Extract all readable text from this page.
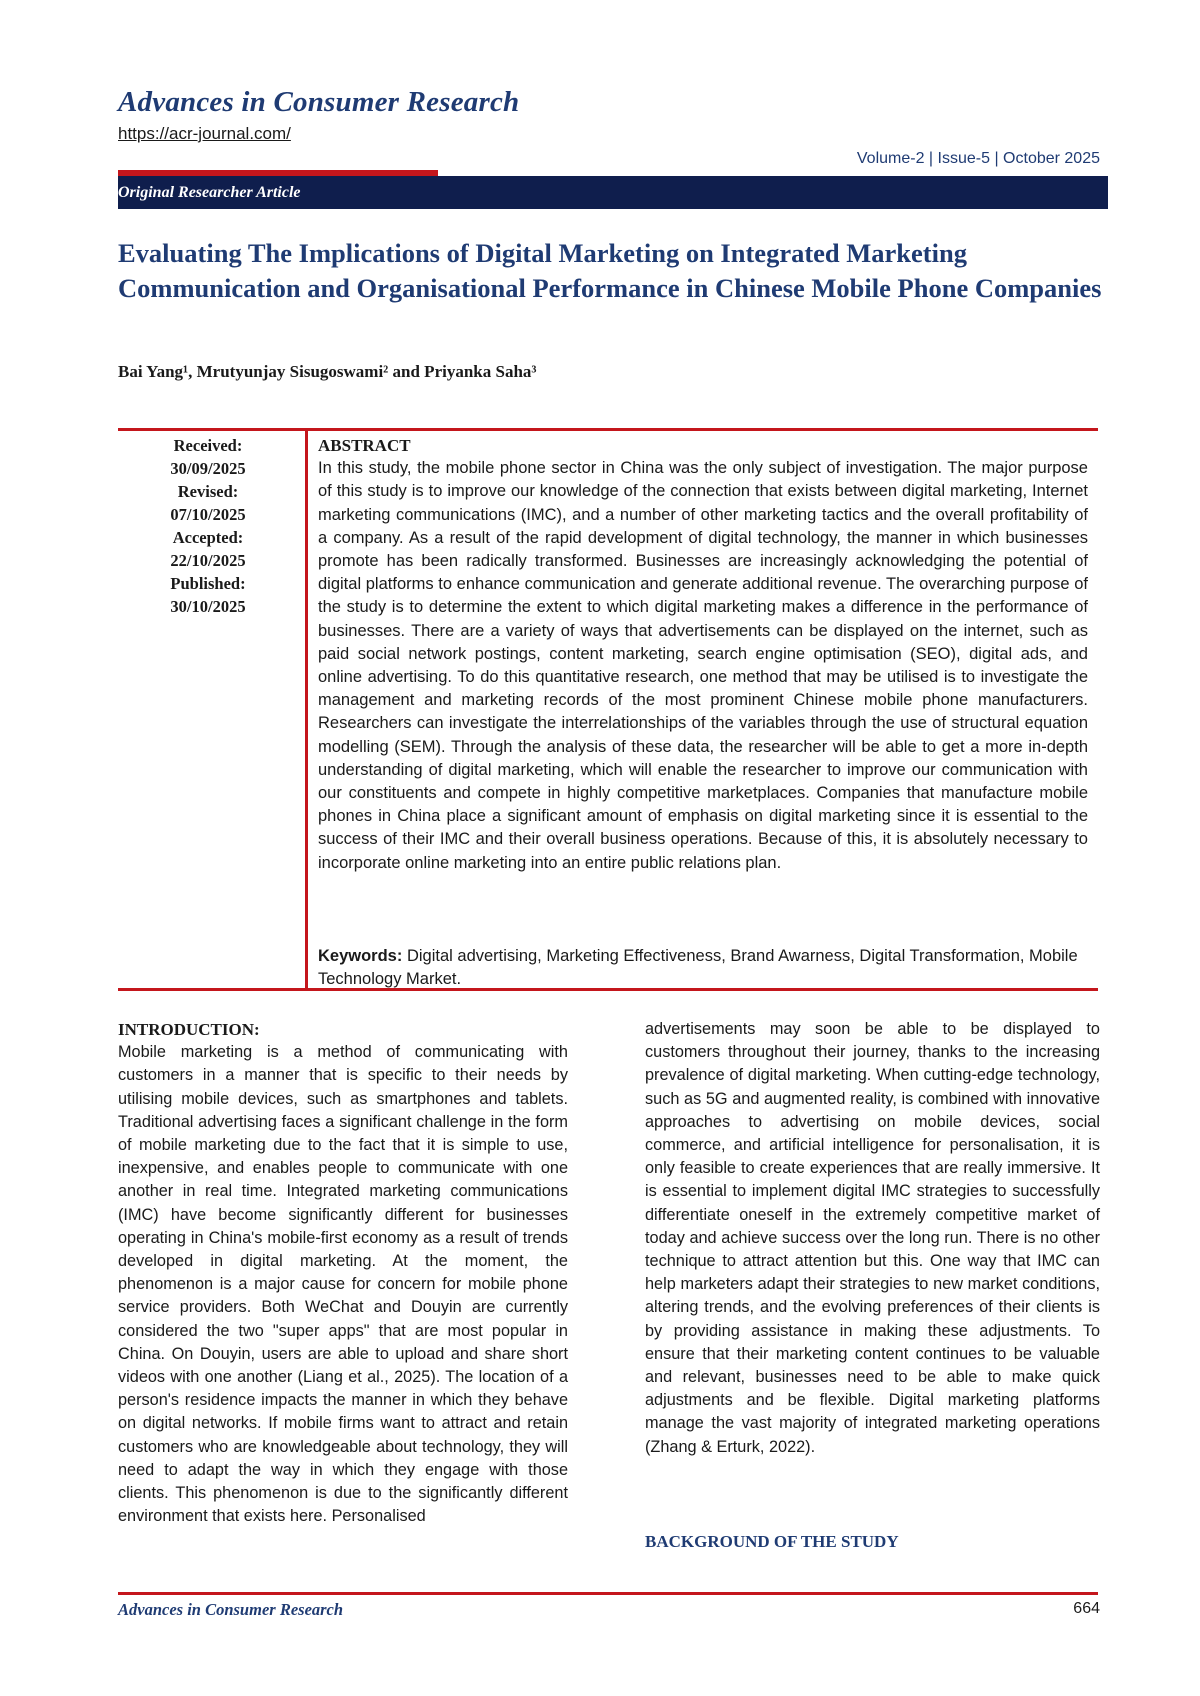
Advances in Consumer Research
https://acr-journal.com/
Volume-2 | Issue-5 | October 2025
Original Researcher Article
Evaluating The Implications of Digital Marketing on Integrated Marketing Communication and Organisational Performance in Chinese Mobile Phone Companies
Bai Yang¹, Mrutyunjay Sisugoswami² and Priyanka Saha³
Received:
30/09/2025
Revised:
07/10/2025
Accepted:
22/10/2025
Published:
30/10/2025
ABSTRACT

In this study, the mobile phone sector in China was the only subject of investigation. The major purpose of this study is to improve our knowledge of the connection that exists between digital marketing, Internet marketing communications (IMC), and a number of other marketing tactics and the overall profitability of a company. As a result of the rapid development of digital technology, the manner in which businesses promote has been radically transformed. Businesses are increasingly acknowledging the potential of digital platforms to enhance communication and generate additional revenue. The overarching purpose of the study is to determine the extent to which digital marketing makes a difference in the performance of businesses. There are a variety of ways that advertisements can be displayed on the internet, such as paid social network postings, content marketing, search engine optimisation (SEO), digital ads, and online advertising. To do this quantitative research, one method that may be utilised is to investigate the management and marketing records of the most prominent Chinese mobile phone manufacturers. Researchers can investigate the interrelationships of the variables through the use of structural equation modelling (SEM). Through the analysis of these data, the researcher will be able to get a more in-depth understanding of digital marketing, which will enable the researcher to improve our communication with our constituents and compete in highly competitive marketplaces. Companies that manufacture mobile phones in China place a significant amount of emphasis on digital marketing since it is essential to the success of their IMC and their overall business operations. Because of this, it is absolutely necessary to incorporate online marketing into an entire public relations plan.

Keywords: Digital advertising, Marketing Effectiveness, Brand Awarness, Digital Transformation, Mobile Technology Market.
INTRODUCTION:

Mobile marketing is a method of communicating with customers in a manner that is specific to their needs by utilising mobile devices, such as smartphones and tablets. Traditional advertising faces a significant challenge in the form of mobile marketing due to the fact that it is simple to use, inexpensive, and enables people to communicate with one another in real time. Integrated marketing communications (IMC) have become significantly different for businesses operating in China's mobile-first economy as a result of trends developed in digital marketing. At the moment, the phenomenon is a major cause for concern for mobile phone service providers. Both WeChat and Douyin are currently considered the two "super apps" that are most popular in China. On Douyin, users are able to upload and share short videos with one another (Liang et al., 2025). The location of a person's residence impacts the manner in which they behave on digital networks. If mobile firms want to attract and retain customers who are knowledgeable about technology, they will need to adapt the way in which they engage with those clients. This phenomenon is due to the significantly different environment that exists here. Personalised

advertisements may soon be able to be displayed to customers throughout their journey, thanks to the increasing prevalence of digital marketing. When cutting-edge technology, such as 5G and augmented reality, is combined with innovative approaches to advertising on mobile devices, social commerce, and artificial intelligence for personalisation, it is only feasible to create experiences that are really immersive. It is essential to implement digital IMC strategies to successfully differentiate oneself in the extremely competitive market of today and achieve success over the long run. There is no other technique to attract attention but this. One way that IMC can help marketers adapt their strategies to new market conditions, altering trends, and the evolving preferences of their clients is by providing assistance in making these adjustments. To ensure that their marketing content continues to be valuable and relevant, businesses need to be able to make quick adjustments and be flexible. Digital marketing platforms manage the vast majority of integrated marketing operations (Zhang & Erturk, 2022).

BACKGROUND OF THE STUDY
Advances in Consumer Research	664
